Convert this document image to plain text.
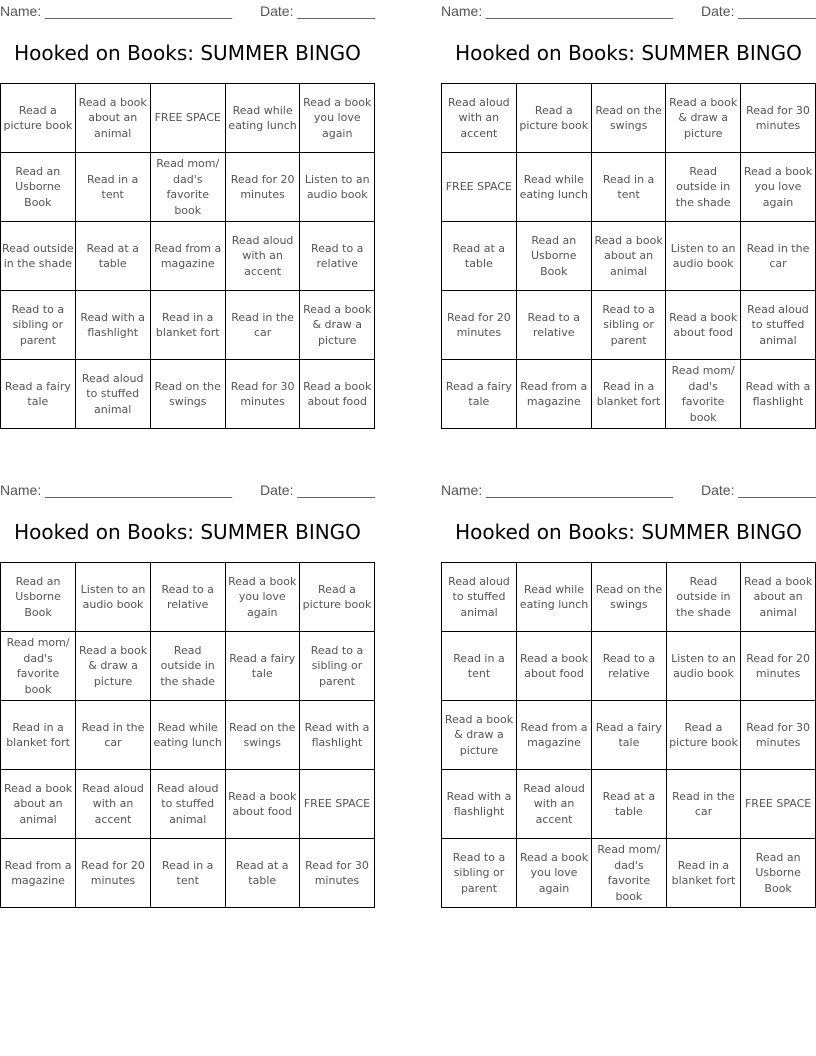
Name: ________________________ Date: __________
Hooked on Books: SUMMER BINGO
Read a picture book	Read a book about an animal	FREE SPACE	Read while eating lunch	Read a book you love again
Read an Usborne Book	Read in a tent	Read mom/ dad's favorite book	Read for 20 minutes	Listen to an audio book
Read outside in the shade	Read at a table	Read from a magazine	Read aloud with an accent	Read to a relative
Read to a sibling or parent	Read with a flashlight	Read in a blanket fort	Read in the car	Read a book & draw a picture
Read a fairy tale	Read aloud to stuffed animal	Read on the swings	Read for 30 minutes	Read a book about food
Name: ________________________ Date: __________
Hooked on Books: SUMMER BINGO
Read aloud with an accent	Read a picture book	Read on the swings	Read a book & draw a picture	Read for 30 minutes
FREE SPACE	Read while eating lunch	Read in a tent	Read outside in the shade	Read a book you love again
Read at a table	Read an Usborne Book	Read a book about an animal	Listen to an audio book	Read in the car
Read for 20 minutes	Read to a relative	Read to a sibling or parent	Read a book about food	Read aloud to stuffed animal
Read a fairy tale	Read from a magazine	Read in a blanket fort	Read mom/ dad's favorite book	Read with a flashlight
Name: ________________________ Date: __________
Hooked on Books: SUMMER BINGO
Read an Usborne Book	Listen to an audio book	Read to a relative	Read a book you love again	Read a picture book
Read mom/ dad's favorite book	Read a book & draw a picture	Read outside in the shade	Read a fairy tale	Read to a sibling or parent
Read in a blanket fort	Read in the car	Read while eating lunch	Read on the swings	Read with a flashlight
Read a book about an animal	Read aloud with an accent	Read aloud to stuffed animal	Read a book about food	FREE SPACE
Read from a magazine	Read for 20 minutes	Read in a tent	Read at a table	Read for 30 minutes
Name: ________________________ Date: __________
Hooked on Books: SUMMER BINGO
Read aloud to stuffed animal	Read while eating lunch	Read on the swings	Read outside in the shade	Read a book about an animal
Read in a tent	Read a book about food	Read to a relative	Listen to an audio book	Read for 20 minutes
Read a book & draw a picture	Read from a magazine	Read a fairy tale	Read a picture book	Read for 30 minutes
Read with a flashlight	Read aloud with an accent	Read at a table	Read in the car	FREE SPACE
Read to a sibling or parent	Read a book you love again	Read mom/ dad's favorite book	Read in a blanket fort	Read an Usborne Book
